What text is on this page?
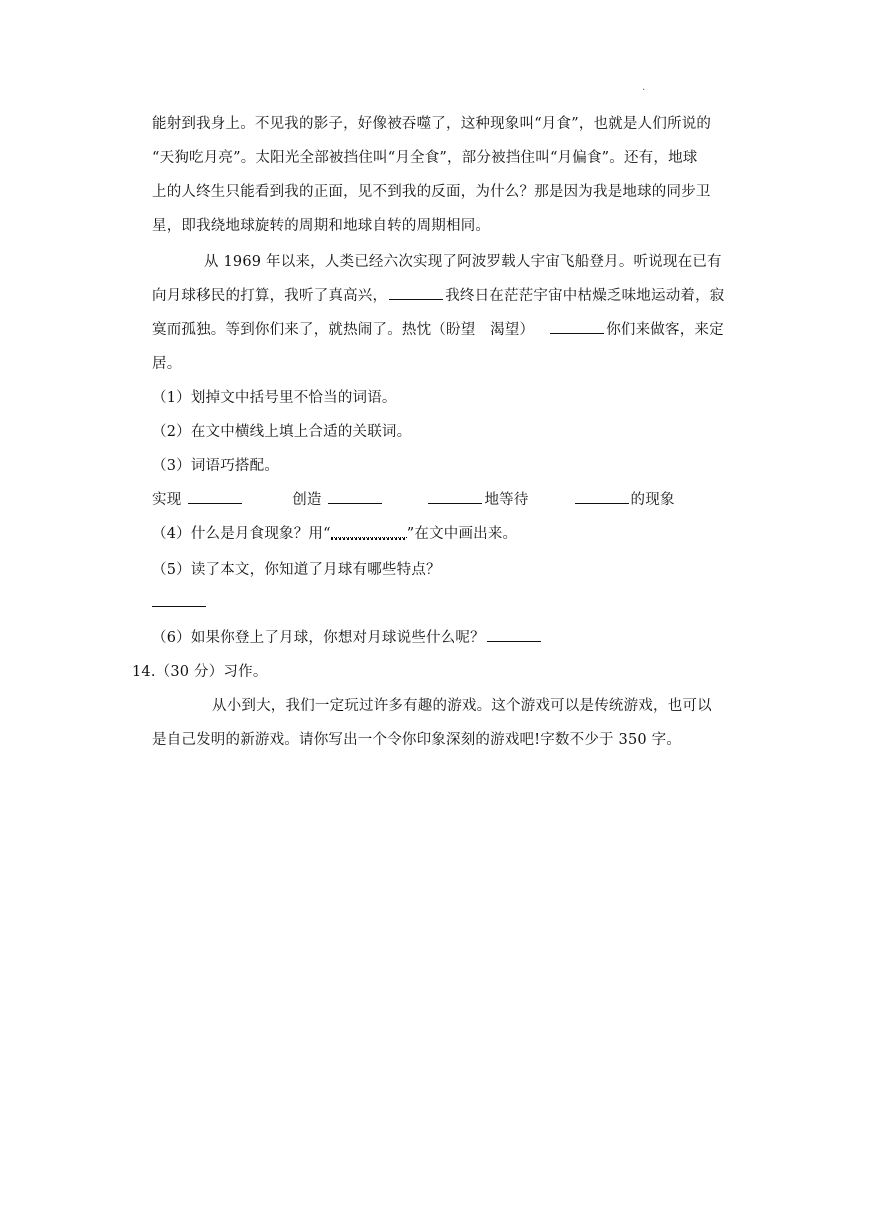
.
能射到我身上。不见我的影子，好像被吞噬了，这种现象叫“月食”，也就是人们所说的
“天狗吃月亮”。太阳光全部被挡住叫“月全食”，部分被挡住叫“月偏食”。还有，地球
上的人终生只能看到我的正面，见不到我的反面，为什么？那是因为我是地球的同步卫
星，即我绕地球旋转的周期和地球自转的周期相同。
从 1969 年以来，人类已经六次实现了阿波罗载人宇宙飞船登月。听说现在已有
向月球移民的打算，我听了真高兴，	我终日在茫茫宇宙中枯燥乏味地运动着，寂
寞而孤独。等到你们来了，就热闹了。热忱（盼望　渴望）	你们来做客，来定
居。
（1）划掉文中括号里不恰当的词语。
（2）在文中横线上填上合适的关联词。
（3）词语巧搭配。
实现	创造	地等待	的现象
（4）什么是月食现象？用“	”在文中画出来。
（5）读了本文，你知道了月球有哪些特点？
（6）如果你登上了月球，你想对月球说些什么呢？
14.（30 分）习作。
从小到大，我们一定玩过许多有趣的游戏。这个游戏可以是传统游戏，也可以
是自己发明的新游戏。请你写出一个令你印象深刻的游戏吧!字数不少于 350 字。
